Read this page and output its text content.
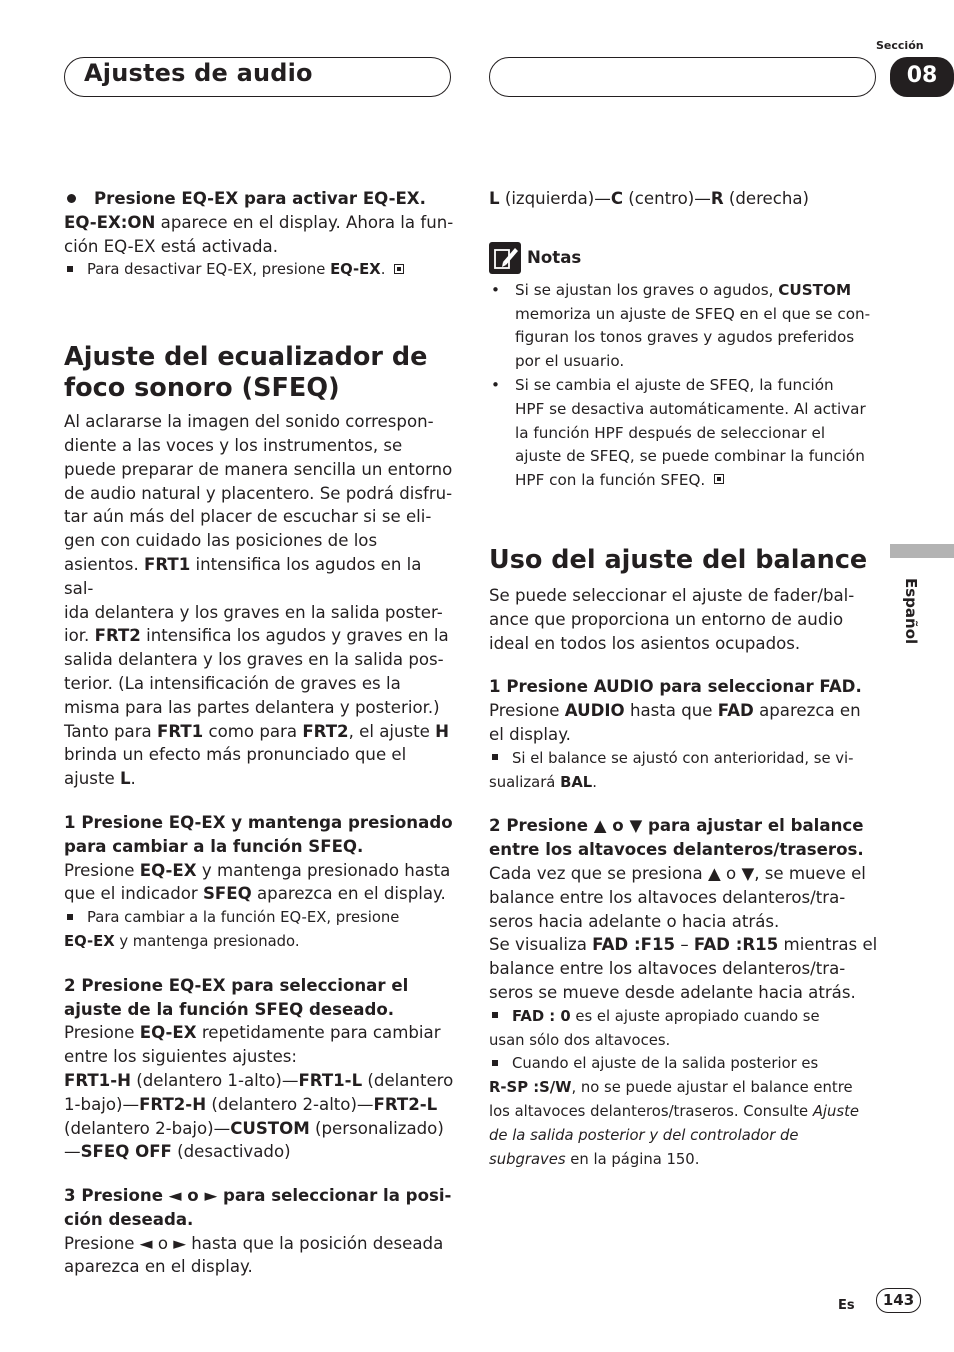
Ajustes de audio
Sección
08
Español

Presione EQ-EX para activar EQ-EX.

EQ-EX:ON aparece en el display. Ahora la fun-

ción EQ-EX está activada.

Para desactivar EQ-EX, presione EQ-EX.

Ajuste del ecualizador de

foco sonoro (SFEQ)

Al aclararse la imagen del sonido correspon-

diente a las voces y los instrumentos, se

puede preparar de manera sencilla un entorno

de audio natural y placentero. Se podrá disfru-

tar aún más del placer de escuchar si se eli-

gen con cuidado las posiciones de los

asientos. FRT1 intensifica los agudos en la sal-

ida delantera y los graves en la salida poster-

ior. FRT2 intensifica los agudos y graves en la

salida delantera y los graves en la salida pos-

terior. (La intensificación de graves es la

misma para las partes delantera y posterior.)

Tanto para FRT1 como para FRT2, el ajuste H

brinda un efecto más pronunciado que el

ajuste L.

1 Presione EQ-EX y mantenga presionado

para cambiar a la función SFEQ.

Presione EQ-EX y mantenga presionado hasta

que el indicador SFEQ aparezca en el display.

Para cambiar a la función EQ-EX, presione

EQ-EX y mantenga presionado.

2 Presione EQ-EX para seleccionar el

ajuste de la función SFEQ deseado.

Presione EQ-EX repetidamente para cambiar

entre los siguientes ajustes:

FRT1-H (delantero 1-alto)—FRT1-L (delantero

1-bajo)—FRT2-H (delantero 2-alto)—FRT2-L

(delantero 2-bajo)—CUSTOM (personalizado)

—SFEQ OFF (desactivado)

3 Presione ◄ o ► para seleccionar la posi-

ción deseada.

Presione ◄ o ► hasta que la posición deseada

aparezca en el display.

L (izquierda)—C (centro)—R (derecha)

Notas

• Si se ajustan los graves o agudos, CUSTOM

memoriza un ajuste de SFEQ en el que se con-

figuran los tonos graves y agudos preferidos

por el usuario.

• Si se cambia el ajuste de SFEQ, la función

HPF se desactiva automáticamente. Al activar

la función HPF después de seleccionar el

ajuste de SFEQ, se puede combinar la función

HPF con la función SFEQ.

Uso del ajuste del balance

Se puede seleccionar el ajuste de fader/bal-

ance que proporciona un entorno de audio

ideal en todos los asientos ocupados.

1 Presione AUDIO para seleccionar FAD.

Presione AUDIO hasta que FAD aparezca en

el display.

Si el balance se ajustó con anterioridad, se vi-

sualizará BAL.

2 Presione ▲ o ▼ para ajustar el balance

entre los altavoces delanteros/traseros.

Cada vez que se presiona ▲ o ▼, se mueve el

balance entre los altavoces delanteros/tra-

seros hacia adelante o hacia atrás.

Se visualiza FAD :F15 – FAD :R15 mientras el

balance entre los altavoces delanteros/tra-

seros se mueve desde adelante hacia atrás.

FAD : 0 es el ajuste apropiado cuando se

usan sólo dos altavoces.

Cuando el ajuste de la salida posterior es

R-SP :S/W, no se puede ajustar el balance entre

los altavoces delanteros/traseros. Consulte Ajuste

de la salida posterior y del controlador de

subgraves en la página 150.

Es	143
